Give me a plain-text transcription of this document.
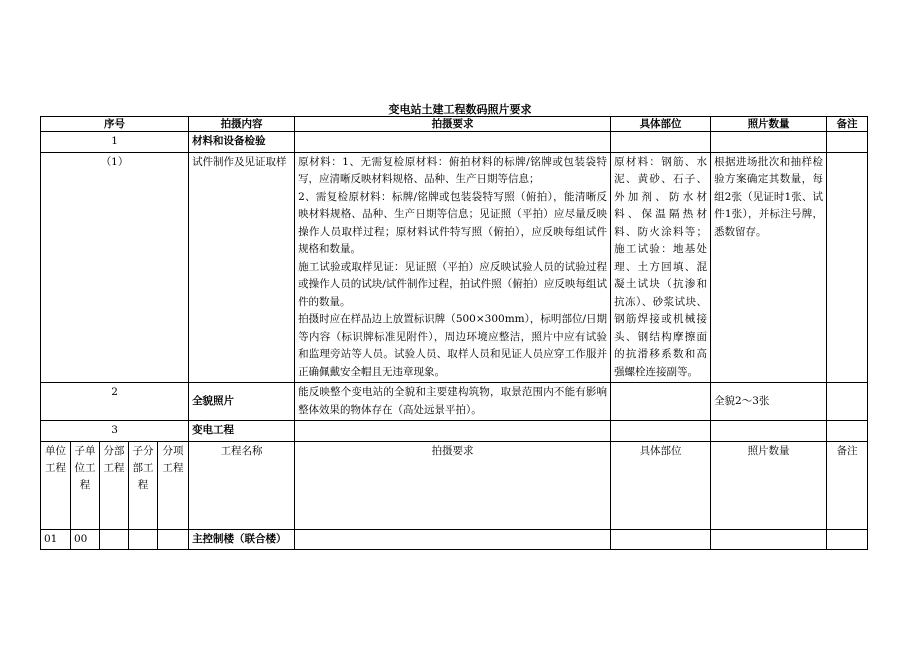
变电站土建工程数码照片要求
序号					拍摄内容	拍摄要求	具体部位	照片数量	备注
1					材料和设备检验				
（1）					试件制作及见证取样	原材料：1、无需复检原材料：俯拍材料的标牌/铭牌或包装袋特写，应清晰反映材料规格、品种、生产日期等信息；
2、需复检原材料：标牌/铭牌或包装袋特写照（俯拍），能清晰反映材料规格、品种、生产日期等信息；见证照（平拍）应尽量反映操作人员取样过程；原材料试件特写照（俯拍），应反映每组试件规格和数量。
施工试验或取样见证：见证照（平拍）应反映试验人员的试验过程或操作人员的试块/试件制作过程，拍试件照（俯拍）应反映每组试件的数量。
拍摄时应在样品边上放置标识牌（500×300mm），标明部位/日期等内容（标识牌标准见附件），周边环境应整洁，照片中应有试验和监理旁站等人员。试验人员、取样人员和见证人员应穿工作服并正确佩戴安全帽且无违章现象。	原材料：钢筋、水泥、黄砂、石子、外加剂、防水材料、保温隔热材料、防火涂料等；施工试验：地基处理、土方回填、混凝土试块（抗渗和抗冻）、砂浆试块、钢筋焊接或机械接头、钢结构摩擦面的抗滑移系数和高强螺栓连接副等。	根据进场批次和抽样检验方案确定其数量，每组2张（见证时1张、试件1张），并标注号牌，悉数留存。	
2					全貌照片	能反映整个变电站的全貌和主要建构筑物，取景范围内不能有影响整体效果的物体存在（高处远景平拍）。		全貌2～3张	
3					变电工程				
单位工程	子单位工程	分部工程	子分部工程	分项工程	工程名称	拍摄要求	具体部位	照片数量	备注
01	00				主控制楼（联合楼）				
